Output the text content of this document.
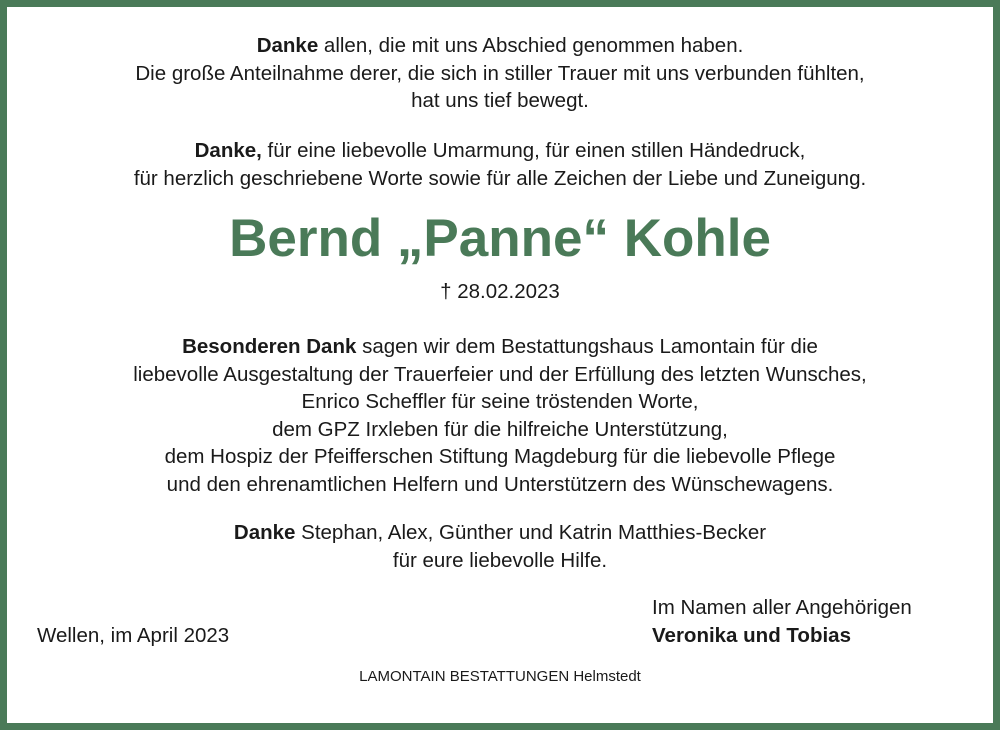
Danke allen, die mit uns Abschied genommen haben.

Die große Anteilnahme derer, die sich in stiller Trauer mit uns verbunden fühlten,

hat uns tief bewegt.

Danke, für eine liebevolle Umarmung, für einen stillen Händedruck,

für herzlich geschriebene Worte sowie für alle Zeichen der Liebe und Zuneigung.

Bernd „Panne“ Kohle
† 28.02.2023

Besonderen Dank sagen wir dem Bestattungshaus Lamontain für die

liebevolle Ausgestaltung der Trauerfeier und der Erfüllung des letzten Wunsches,

Enrico Scheffler für seine tröstenden Worte,

dem GPZ Irxleben für die hilfreiche Unterstützung,

dem Hospiz der Pfeifferschen Stiftung Magdeburg für die liebevolle Pflege

und den ehrenamtlichen Helfern und Unterstützern des Wünschewagens.

Danke Stephan, Alex, Günther und Katrin Matthies-Becker

für eure liebevolle Hilfe.

Wellen, im April 2023

Im Namen aller Angehörigen

Veronika und Tobias

LAMONTAIN BESTATTUNGEN Helmstedt
